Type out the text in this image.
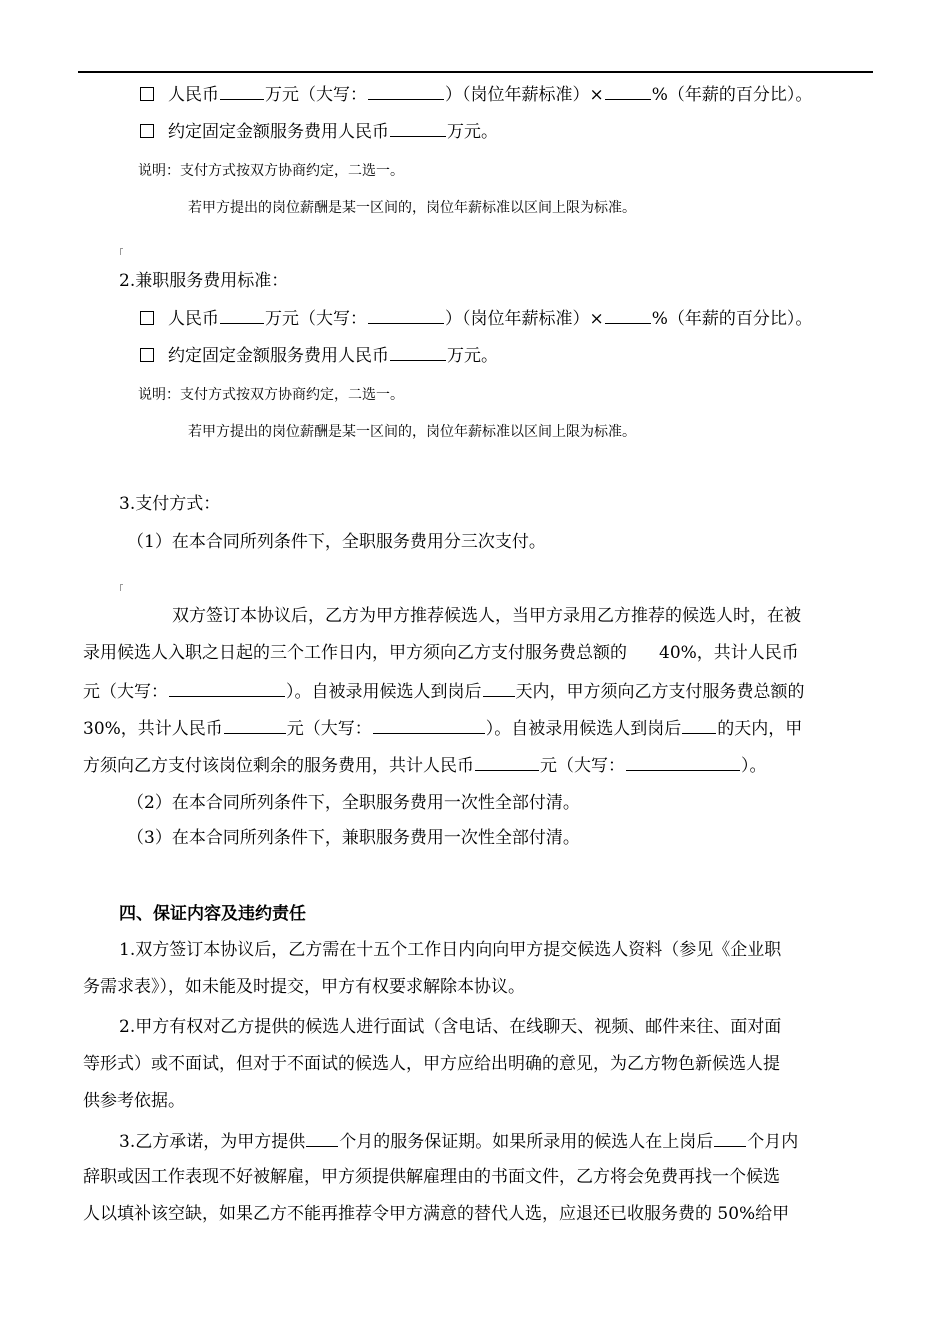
人民币	万元（大写：	）（岗位年薪标准）×	%（年薪的百分比）。
约定固定金额服务费用人民币	万元。
说明：支付方式按双方协商约定，二选一。
若甲方提出的岗位薪酬是某一区间的，岗位年薪标准以区间上限为标准。
2.兼职服务费用标准：
人民币	万元（大写：	）（岗位年薪标准）×	%（年薪的百分比）。
约定固定金额服务费用人民币	万元。
说明：支付方式按双方协商约定，二选一。
若甲方提出的岗位薪酬是某一区间的，岗位年薪标准以区间上限为标准。
3.支付方式：
（1）在本合同所列条件下，全职服务费用分三次支付。
双方签订本协议后，乙方为甲方推荐候选人，当甲方录用乙方推荐的候选人时，在被
录用候选人入职之日起的三个工作日内，甲方须向乙方支付服务费总额的 40%，共计人民币
元（大写：	）。自被录用候选人到岗后 天内，甲方须向乙方支付服务费总额的
30%，共计人民币	元（大写：	）。自被录用候选人到岗后 的天内，甲
方须向乙方支付该岗位剩余的服务费用，共计人民币	元（大写：	）。
（2）在本合同所列条件下，全职服务费用一次性全部付清。
（3）在本合同所列条件下，兼职服务费用一次性全部付清。
四、保证内容及违约责任
1.双方签订本协议后，乙方需在十五个工作日内向向甲方提交候选人资料（参见《企业职
务需求表》），如未能及时提交，甲方有权要求解除本协议。
2.甲方有权对乙方提供的候选人进行面试（含电话、在线聊天、视频、邮件来往、面对面
等形式）或不面试，但对于不面试的候选人，甲方应给出明确的意见，为乙方物色新候选人提
供参考依据。
3.乙方承诺，为甲方提供 个月的服务保证期。如果所录用的候选人在上岗后 个月内
辞职或因工作表现不好被解雇，甲方须提供解雇理由的书面文件，乙方将会免费再找一个候选
人以填补该空缺，如果乙方不能再推荐令甲方满意的替代人选，应退还已收服务费的 50%给甲
